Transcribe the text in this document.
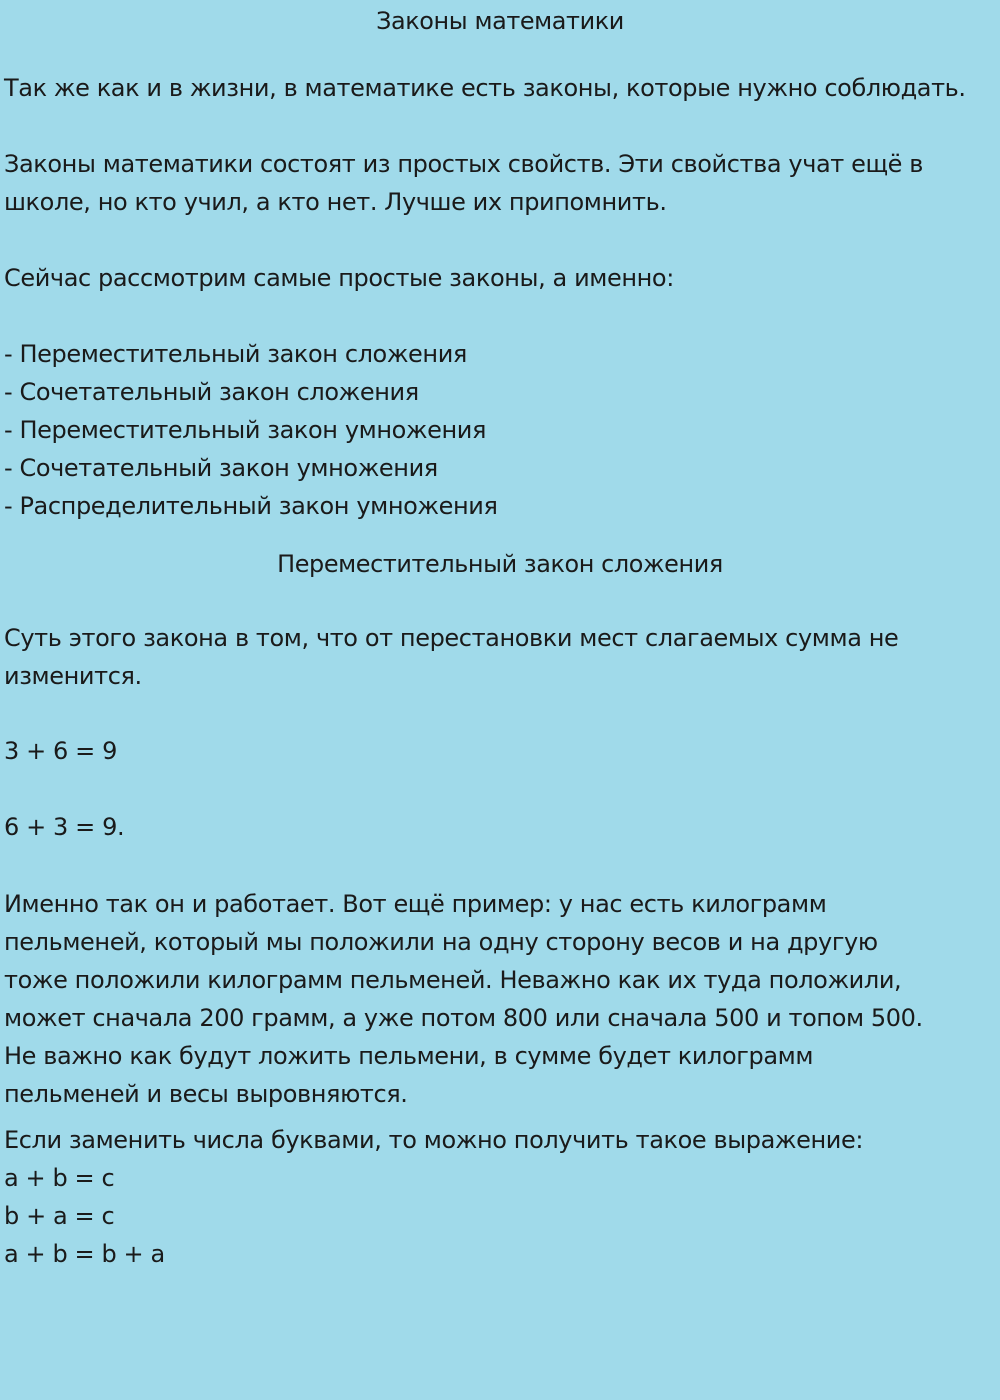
Законы математики
Так же как и в жизни, в математике есть законы, которые нужно соблюдать.
Законы математики состоят из простых свойств. Эти свойства учат ещё в
школе, но кто учил, а кто нет. Лучше их припомнить.
Сейчас рассмотрим самые простые законы, а именно:
- Переместительный закон сложения
- Сочетательный закон сложения
- Переместительный закон умножения
- Сочетательный закон умножения
- Распределительный закон умножения
Переместительный закон сложения
Суть этого закона в том, что от перестановки мест слагаемых сумма не
изменится.
3 + 6 = 9
6 + 3 = 9.
Именно так он и работает. Вот ещё пример: у нас есть килограмм
пельменей, который мы положили на одну сторону весов и на другую
тоже положили килограмм пельменей. Неважно как их туда положили,
может сначала 200 грамм, а уже потом 800 или сначала 500 и топом 500.
Не важно как будут ложить пельмени, в сумме будет килограмм
пельменей и весы выровняются.
Если заменить числа буквами, то можно получить такое выражение:
a + b = c
b + a = c
a + b = b + a
